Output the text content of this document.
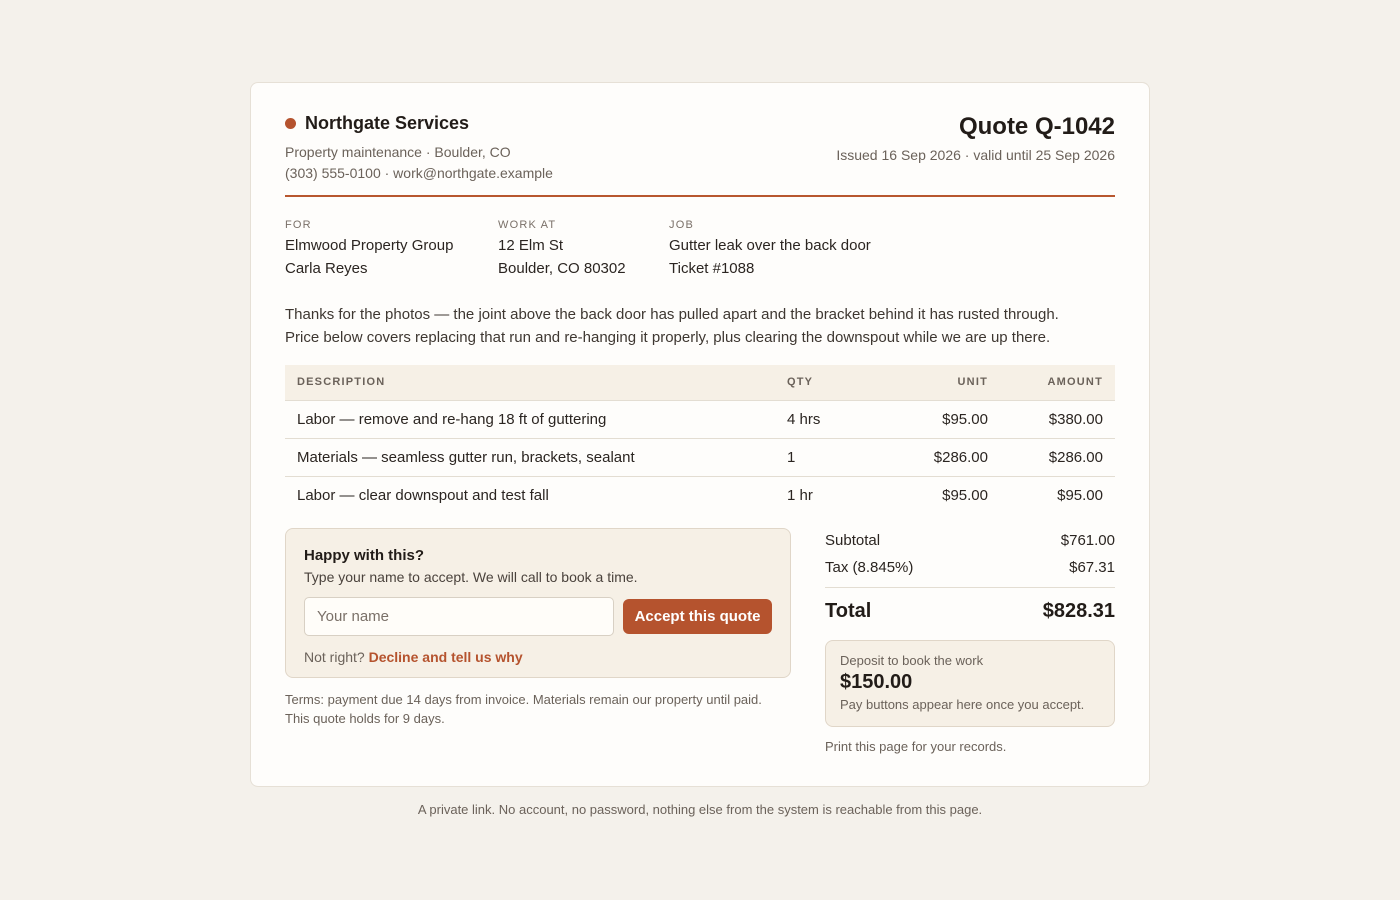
Northgate Services
Property maintenance · Boulder, CO
(303) 555-0100 · work@northgate.example
Quote Q-1042
Issued 16 Sep 2026 · valid until 25 Sep 2026
FOR
Elmwood Property Group
Carla Reyes
WORK AT
12 Elm St
Boulder, CO 80302
JOB
Gutter leak over the back door
Ticket #1088
Thanks for the photos — the joint above the back door has pulled apart and the bracket behind it has rusted through.
Price below covers replacing that run and re-hanging it properly, plus clearing the downspout while we are up there.
DESCRIPTION	QTY	UNIT	AMOUNT
Labor — remove and re-hang 18 ft of guttering	4 hrs	$95.00	$380.00
Materials — seamless gutter run, brackets, sealant	1	$286.00	$286.00
Labor — clear downspout and test fall	1 hr	$95.00	$95.00
Happy with this?
Type your name to accept. We will call to book a time.
Your name
Accept this quote
Not right? Decline and tell us why
Terms: payment due 14 days from invoice. Materials remain our property until paid.
This quote holds for 9 days.
Subtotal	$761.00
Tax (8.845%)	$67.31
Total	$828.31
Deposit to book the work
$150.00
Pay buttons appear here once you accept.
Print this page for your records.
A private link. No account, no password, nothing else from the system is reachable from this page.
